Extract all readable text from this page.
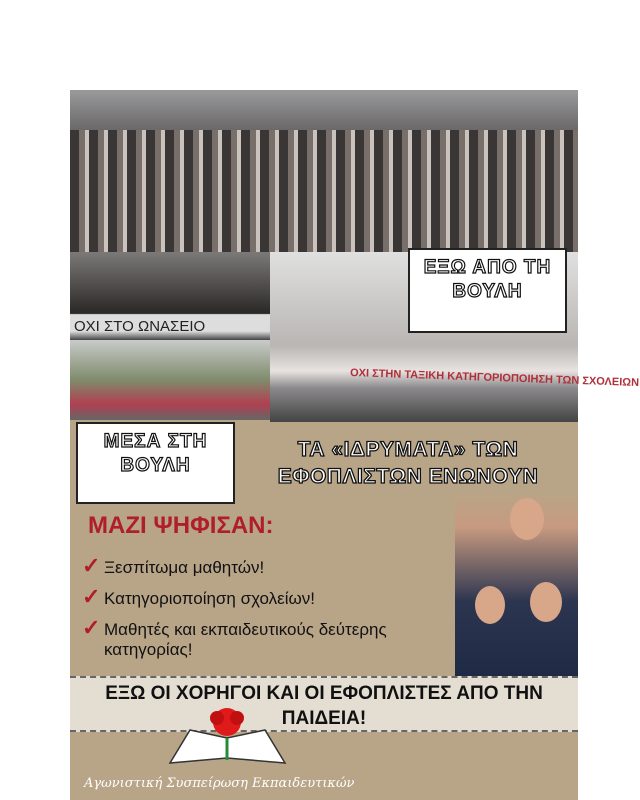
ΟΧΙ ΣΤΟ ΩΝΑΣΕΙΟ
ΟΧΙ ΣΤΗΝ ΤΑΞΙΚΗ ΚΑΤΗΓΟΡΙΟΠΟΙΗΣΗ ΤΩΝ ΣΧΟΛΕΙΩΝ
ΕΞΩ ΑΠΟ ΤΗ ΒΟΥΛΗ
ΜΕΣΑ ΣΤΗ ΒΟΥΛΗ
ΤΑ «ΙΔΡΥΜΑΤΑ» ΤΩΝ ΕΦΟΠΛΙΣΤΩΝ ΕΝΩΝΟΥΝ
ΜΑΖΙ ΨΗΦΙΣΑΝ:
✓ Ξεσπίτωμα μαθητών!
✓ Κατηγοριοποίηση σχολείων!
✓ Μαθητές και εκπαιδευτικούς δεύτερης κατηγορίας!
ΕΞΩ ΟΙ ΧΟΡΗΓΟΙ ΚΑΙ ΟΙ ΕΦΟΠΛΙΣΤΕΣ ΑΠΟ ΤΗΝ ΠΑΙΔΕΙΑ!
Αγωνιστική Συσπείρωση Εκπαιδευτικών
